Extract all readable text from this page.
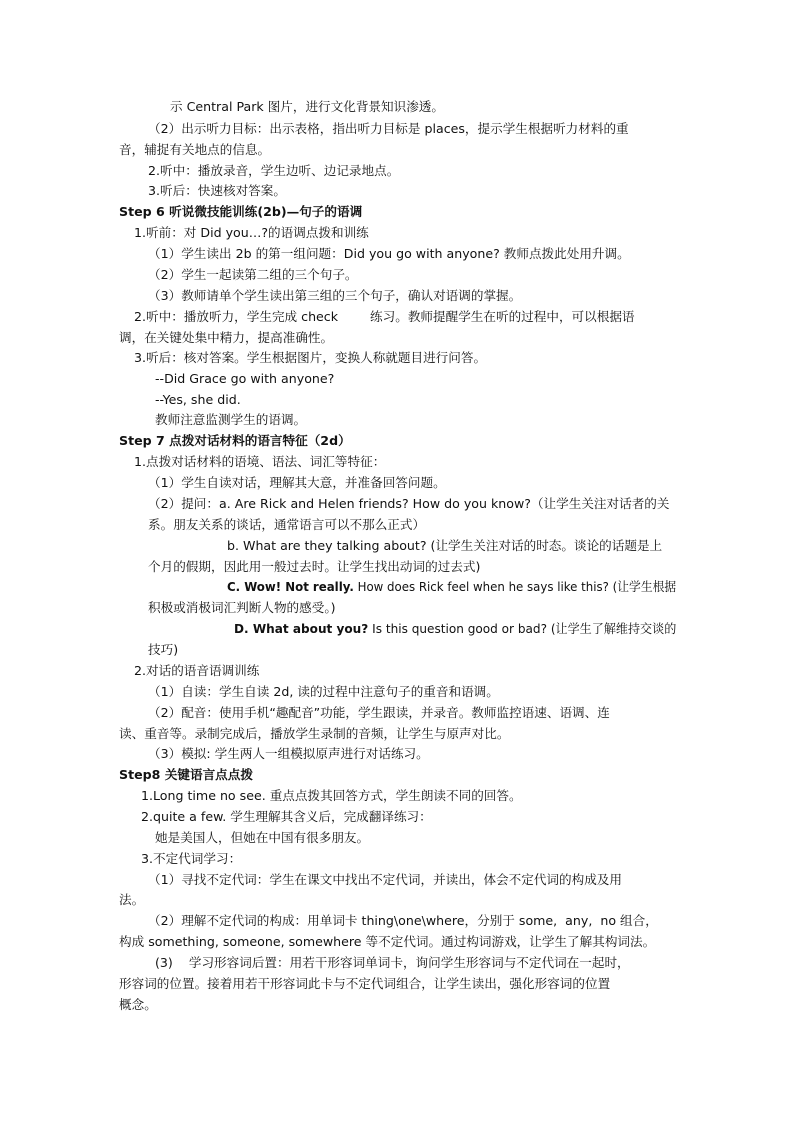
示 Central Park 图片，进行文化背景知识渗透。
（2）出示听力目标：出示表格，指出听力目标是 places，提示学生根据听力材料的重
音，辅捉有关地点的信息。
2.听中：播放录音，学生边听、边记录地点。
3.听后：快速核对答案。
Step 6 听说微技能训练(2b)—句子的语调
1.听前：对 Did you…?的语调点拨和训练
（1）学生读出 2b 的第一组问题：Did you go with anyone? 教师点拨此处用升调。
（2）学生一起读第二组的三个句子。
（3）教师请单个学生读出第三组的三个句子，确认对语调的掌握。
2.听中：播放听力，学生完成 check        练习。教师提醒学生在听的过程中，可以根据语
调，在关键处集中精力，提高准确性。
3.听后：核对答案。学生根据图片，变换人称就题目进行问答。
--Did Grace go with anyone?
--Yes, she did.
教师注意监测学生的语调。
Step 7 点拨对话材料的语言特征（2d）
1.点拨对话材料的语境、语法、词汇等特征：
（1）学生自读对话，理解其大意，并准备回答问题。
（2）提问：a. Are Rick and Helen friends? How do you know?（让学生关注对话者的关
系。朋友关系的谈话，通常语言可以不那么正式）
b. What are they talking about? (让学生关注对话的时态。谈论的话题是上
个月的假期，因此用一般过去时。让学生找出动词的过去式)
C. Wow! Not really. How does Rick feel when he says like this? (让学生根据
积极或消极词汇判断人物的感受。)
D. What about you? Is this question good or bad? (让学生了解维持交谈的
技巧)
2.对话的语音语调训练
（1）自读：学生自读 2d, 读的过程中注意句子的重音和语调。
（2）配音：使用手机“趣配音”功能，学生跟读，并录音。教师监控语速、语调、连
读、重音等。录制完成后，播放学生录制的音频，让学生与原声对比。
（3）模拟: 学生两人一组模拟原声进行对话练习。
Step8 关键语言点点拨
1.Long time no see. 重点点拨其回答方式，学生朗读不同的回答。
2.quite a few. 学生理解其含义后，完成翻译练习：
她是美国人，但她在中国有很多朋友。
3.不定代词学习：
（1）寻找不定代词：学生在课文中找出不定代词，并读出，体会不定代词的构成及用
法。
（2）理解不定代词的构成：用单词卡 thing\one\where，分别于 some,  any,  no 组合，
构成 something, someone, somewhere 等不定代词。通过构词游戏，让学生了解其构词法。
(3)    学习形容词后置：用若干形容词单词卡，询问学生形容词与不定代词在一起时，
形容词的位置。接着用若干形容词此卡与不定代词组合，让学生读出，强化形容词的位置
概念。
